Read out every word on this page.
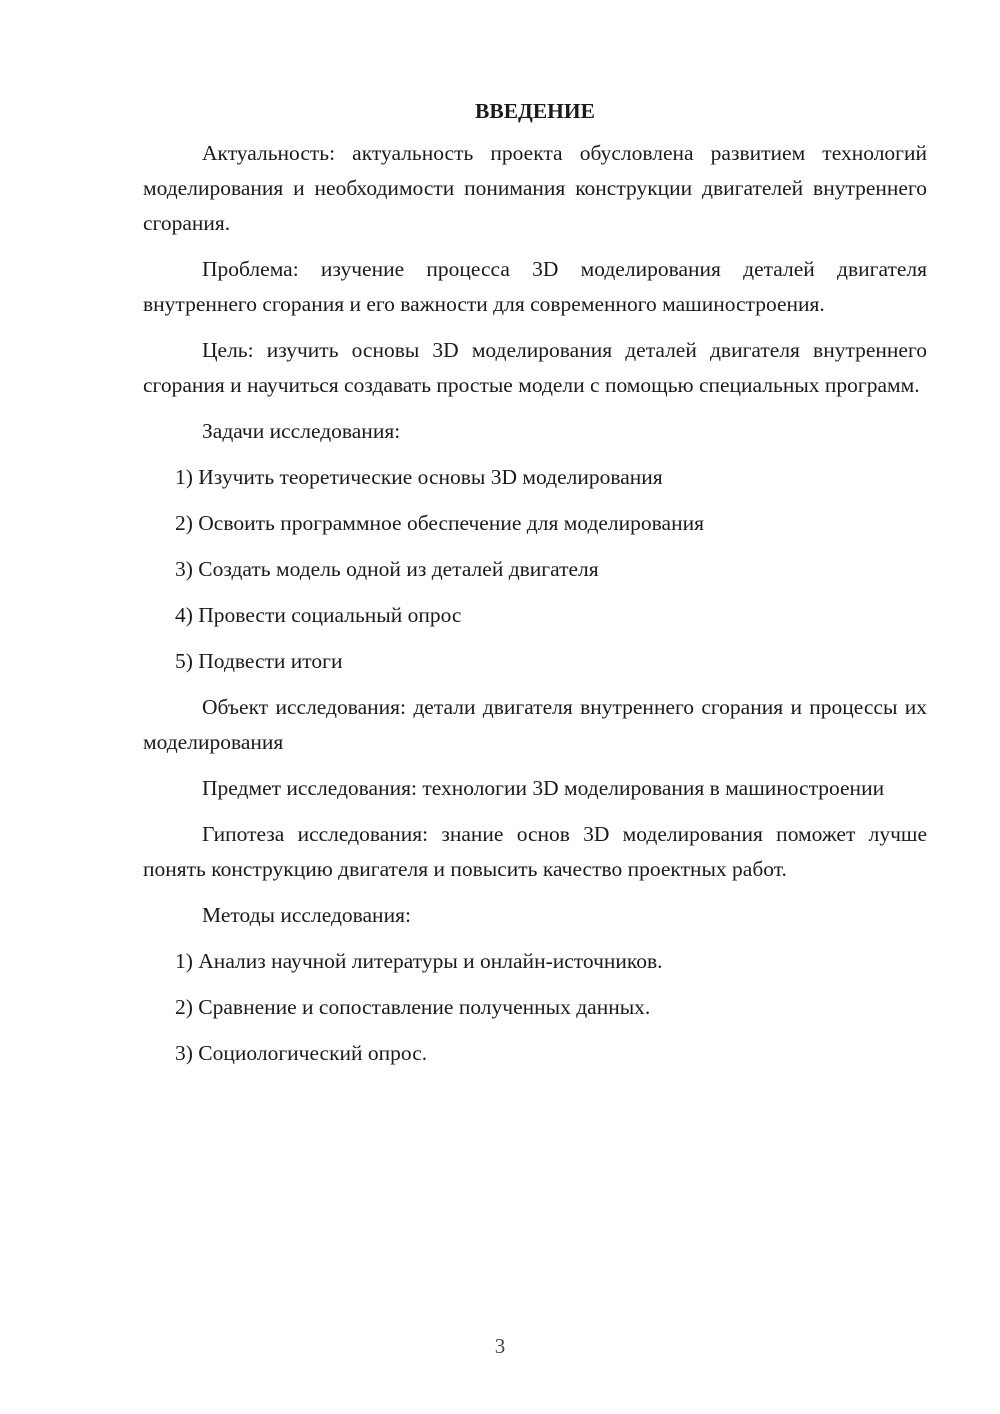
ВВЕДЕНИЕ
Актуальность: актуальность проекта обусловлена развитием технологий моделирования и необходимости понимания конструкции двигателей внутреннего сгорания.
Проблема: изучение процесса 3D моделирования деталей двигателя внутреннего сгорания и его важности для современного машиностроения.
Цель: изучить основы 3D моделирования деталей двигателя внутреннего сгорания и научиться создавать простые модели с помощью специальных программ.
Задачи исследования:
1) Изучить теоретические основы 3D моделирования
2) Освоить программное обеспечение для моделирования
3) Создать модель одной из деталей двигателя
4) Провести социальный опрос
5) Подвести итоги
Объект исследования: детали двигателя внутреннего сгорания и процессы их моделирования
Предмет исследования: технологии 3D моделирования в машиностроении
Гипотеза исследования: знание основ 3D моделирования поможет лучше понять конструкцию двигателя и повысить качество проектных работ.
Методы исследования:
1) Анализ научной литературы и онлайн-источников.
2) Сравнение и сопоставление полученных данных.
3) Социологический опрос.
3
